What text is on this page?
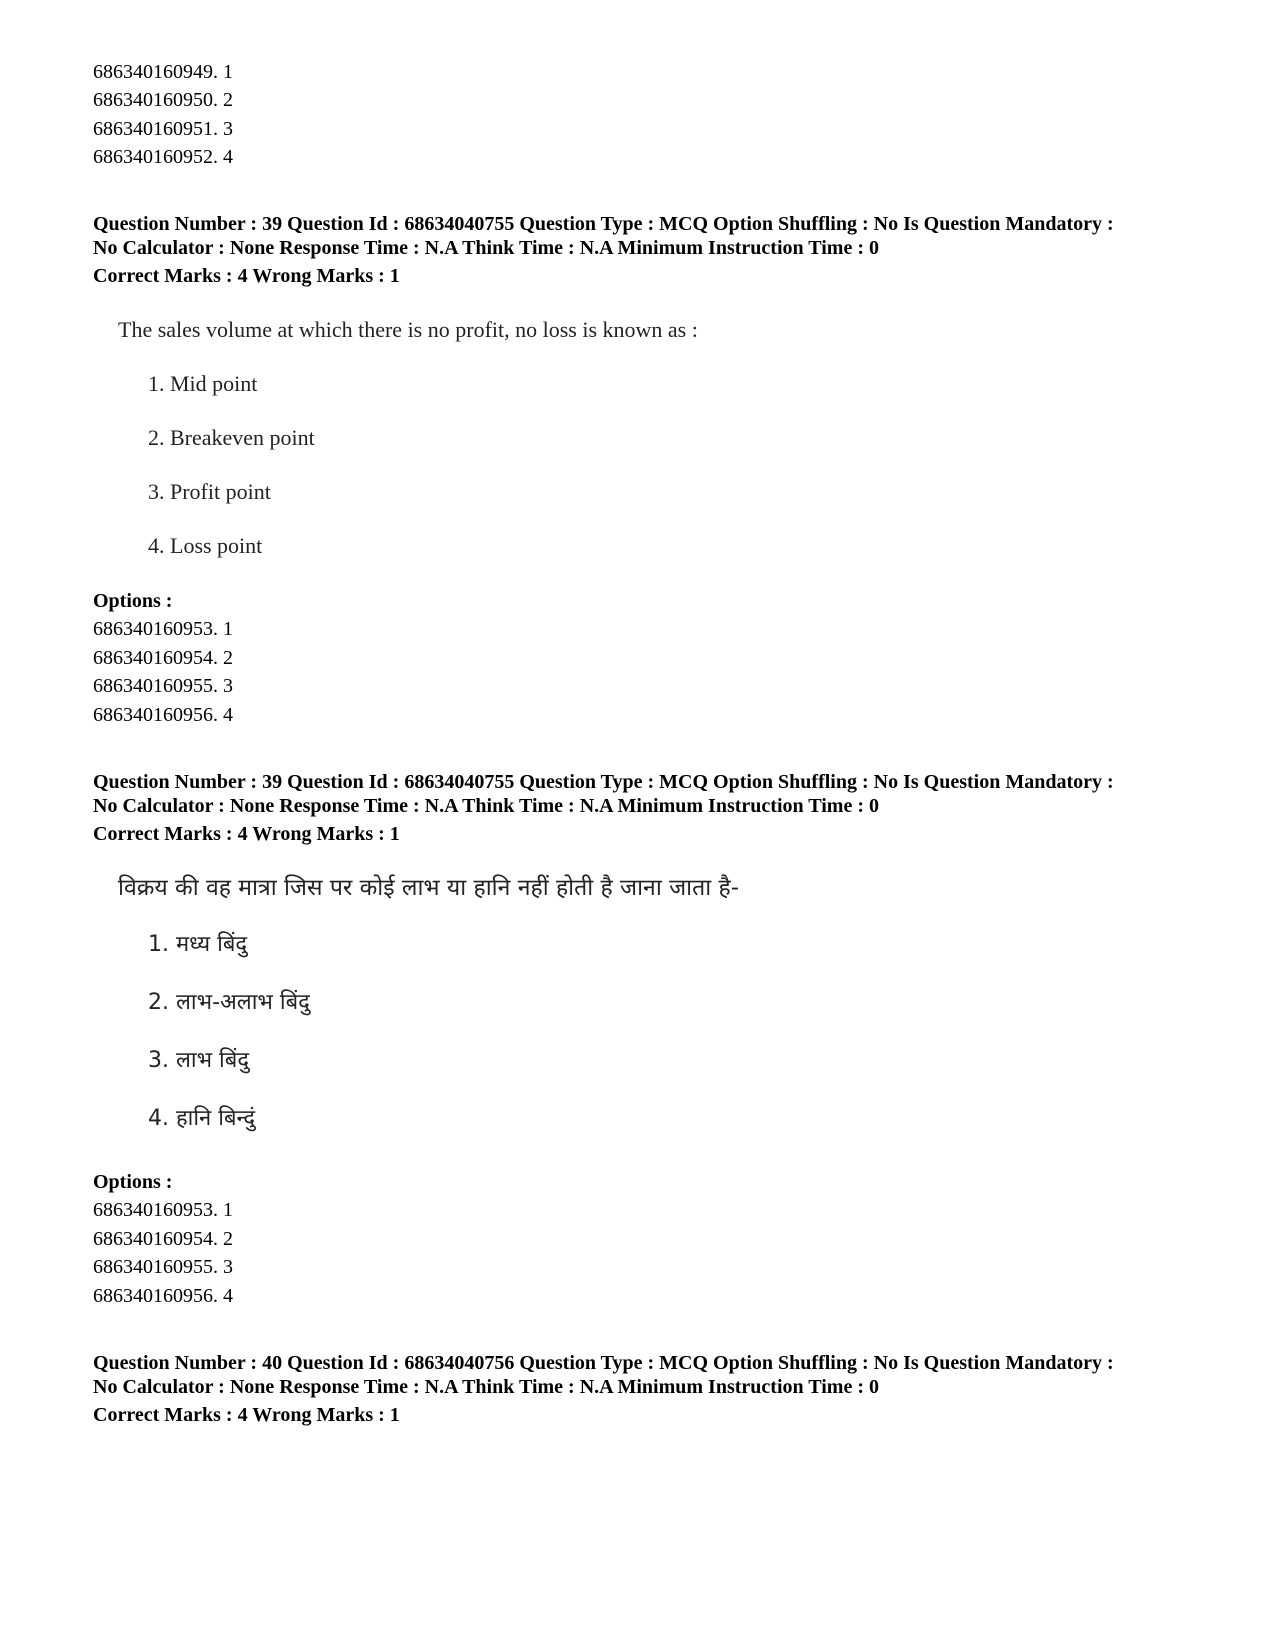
686340160949. 1
686340160950. 2
686340160951. 3
686340160952. 4
Question Number : 39 Question Id : 68634040755 Question Type : MCQ Option Shuffling : No Is Question Mandatory :
No Calculator : None Response Time : N.A Think Time : N.A Minimum Instruction Time : 0
Correct Marks : 4 Wrong Marks : 1
The sales volume at which there is no profit, no loss is known as :
1. Mid point
2. Breakeven point
3. Profit point
4. Loss point
Options :
686340160953. 1
686340160954. 2
686340160955. 3
686340160956. 4
Question Number : 39 Question Id : 68634040755 Question Type : MCQ Option Shuffling : No Is Question Mandatory :
No Calculator : None Response Time : N.A Think Time : N.A Minimum Instruction Time : 0
Correct Marks : 4 Wrong Marks : 1
विक्रय की वह मात्रा जिस पर कोई लाभ या हानि नहीं होती है जाना जाता है-
1. मध्य बिंदु
2. लाभ-अलाभ बिंदु
3. लाभ बिंदु
4. हानि बिन्दुं
Options :
686340160953. 1
686340160954. 2
686340160955. 3
686340160956. 4
Question Number : 40 Question Id : 68634040756 Question Type : MCQ Option Shuffling : No Is Question Mandatory :
No Calculator : None Response Time : N.A Think Time : N.A Minimum Instruction Time : 0
Correct Marks : 4 Wrong Marks : 1
